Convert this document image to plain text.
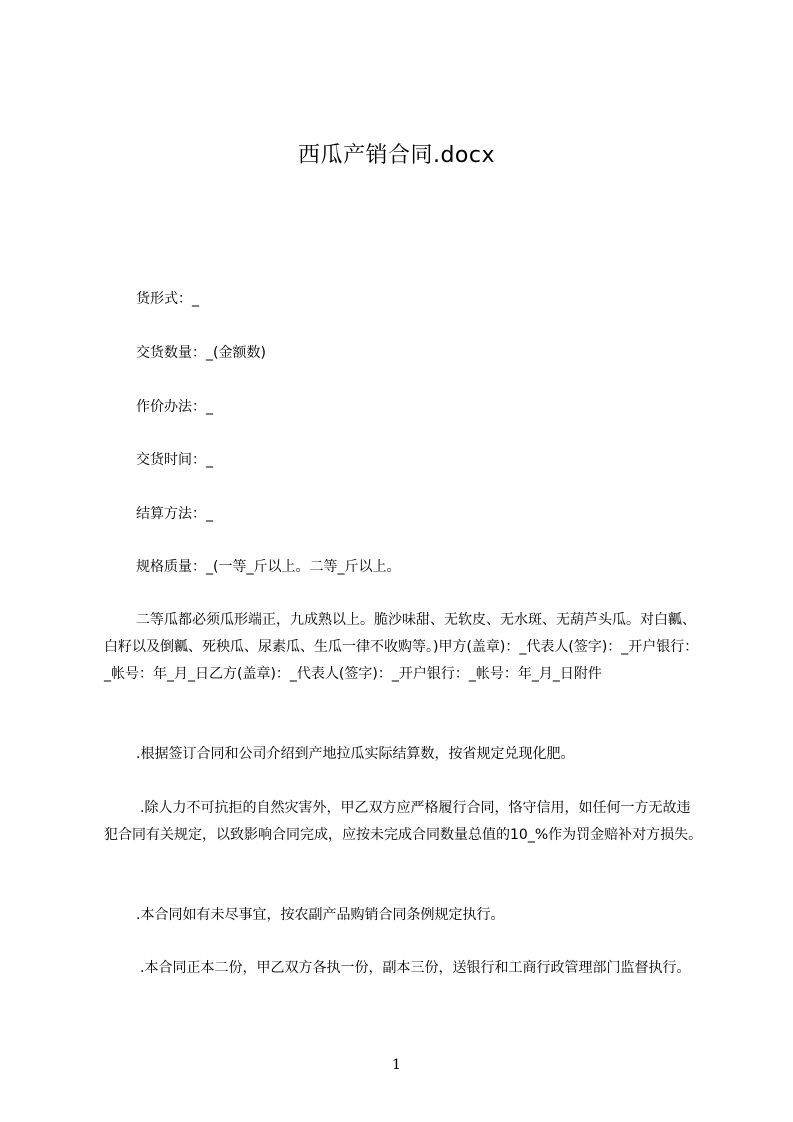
西瓜产销合同.docx
货形式：_
交货数量：_(金额数)
作价办法：_
交货时间：_
结算方法：_
规格质量：_(一等_斤以上。二等_斤以上。
二等瓜都必须瓜形端正，九成熟以上。脆沙味甜、无软皮、无水斑、无葫芦头瓜。对白瓤、白籽以及倒瓤、死秧瓜、尿素瓜、生瓜一律不收购等。)甲方(盖章)：_代表人(签字)：_开户银行：_帐号：年_月_日乙方(盖章)：_代表人(签字)：_开户银行：_帐号：年_月_日附件
.根据签订合同和公司介绍到产地拉瓜实际结算数，按省规定兑现化肥。
.除人力不可抗拒的自然灾害外，甲乙双方应严格履行合同，恪守信用，如任何一方无故违犯合同有关规定，以致影响合同完成，应按未完成合同数量总值的10_%作为罚金赔补对方损失。
.本合同如有未尽事宜，按农副产品购销合同条例规定执行。
.本合同正本二份，甲乙双方各执一份，副本三份，送银行和工商行政管理部门监督执行。
1
